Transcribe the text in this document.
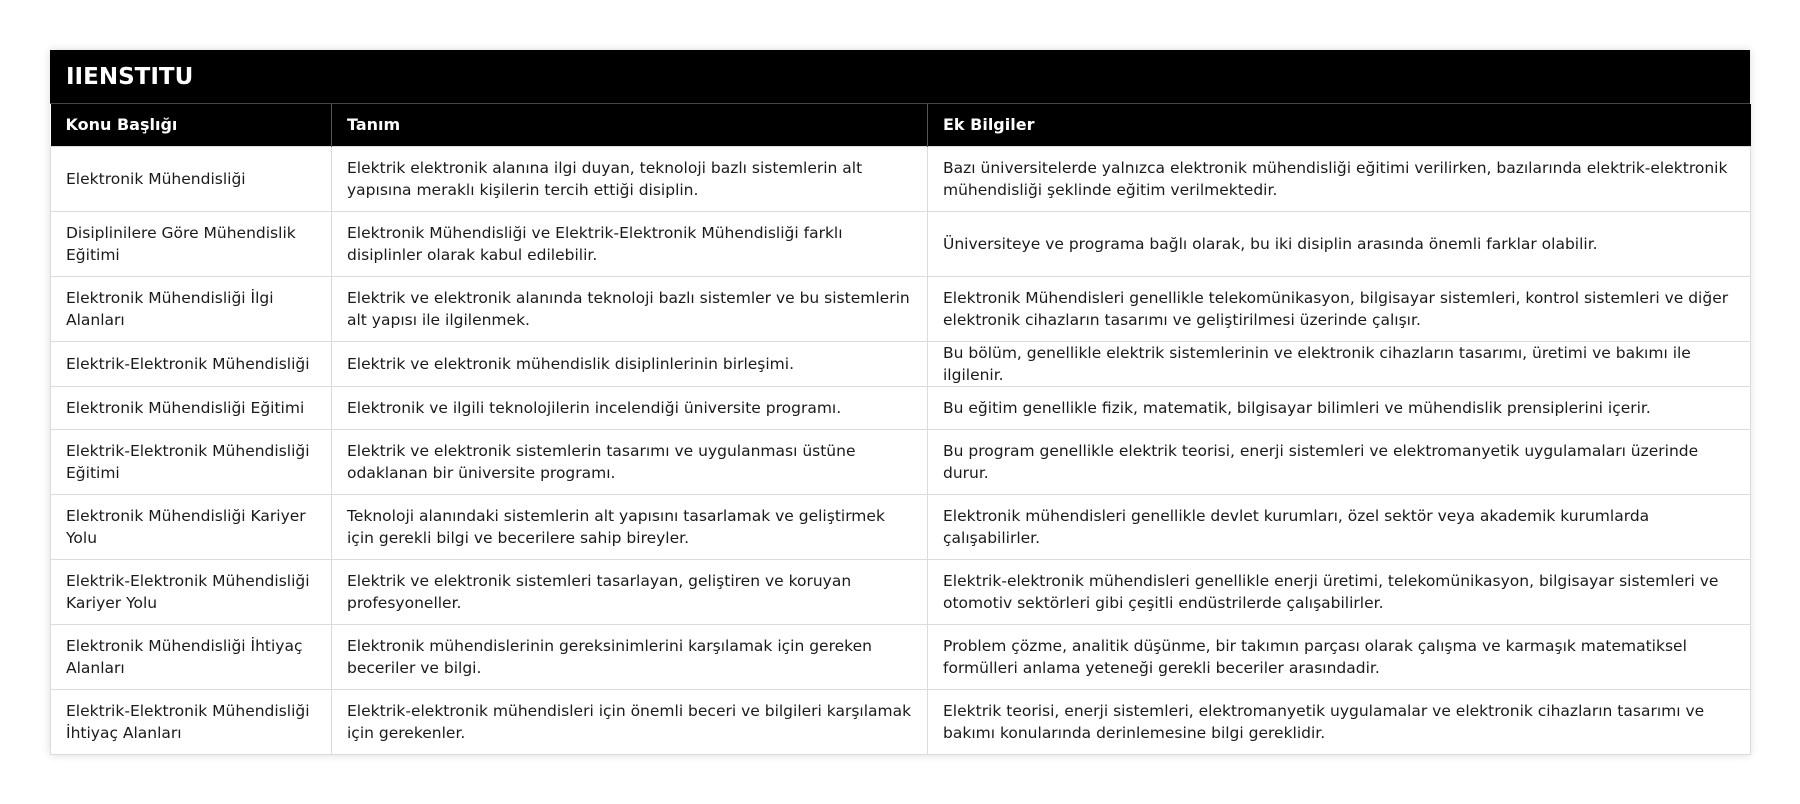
IIENSTITU
Konu Başlığı	Tanım	Ek Bilgiler
Elektronik Mühendisliği	Elektrik elektronik alanına ilgi duyan, teknoloji bazlı sistemlerin alt yapısına meraklı kişilerin tercih ettiği disiplin.	Bazı üniversitelerde yalnızca elektronik mühendisliği eğitimi verilirken, bazılarında elektrik-elektronik mühendisliği şeklinde eğitim verilmektedir.
Disiplinilere Göre Mühendislik Eğitimi	Elektronik Mühendisliği ve Elektrik-Elektronik Mühendisliği farklı disiplinler olarak kabul edilebilir.	Üniversiteye ve programa bağlı olarak, bu iki disiplin arasında önemli farklar olabilir.
Elektronik Mühendisliği İlgi Alanları	Elektrik ve elektronik alanında teknoloji bazlı sistemler ve bu sistemlerin alt yapısı ile ilgilenmek.	Elektronik Mühendisleri genellikle telekomünikasyon, bilgisayar sistemleri, kontrol sistemleri ve diğer elektronik cihazların tasarımı ve geliştirilmesi üzerinde çalışır.
Elektrik-Elektronik Mühendisliği	Elektrik ve elektronik mühendislik disiplinlerinin birleşimi.	Bu bölüm, genellikle elektrik sistemlerinin ve elektronik cihazların tasarımı, üretimi ve bakımı ile ilgilenir.
Elektronik Mühendisliği Eğitimi	Elektronik ve ilgili teknolojilerin incelendiği üniversite programı.	Bu eğitim genellikle fizik, matematik, bilgisayar bilimleri ve mühendislik prensiplerini içerir.
Elektrik-Elektronik Mühendisliği Eğitimi	Elektrik ve elektronik sistemlerin tasarımı ve uygulanması üstüne odaklanan bir üniversite programı.	Bu program genellikle elektrik teorisi, enerji sistemleri ve elektromanyetik uygulamaları üzerinde durur.
Elektronik Mühendisliği Kariyer Yolu	Teknoloji alanındaki sistemlerin alt yapısını tasarlamak ve geliştirmek için gerekli bilgi ve becerilere sahip bireyler.	Elektronik mühendisleri genellikle devlet kurumları, özel sektör veya akademik kurumlarda çalışabilirler.
Elektrik-Elektronik Mühendisliği Kariyer Yolu	Elektrik ve elektronik sistemleri tasarlayan, geliştiren ve koruyan profesyoneller.	Elektrik-elektronik mühendisleri genellikle enerji üretimi, telekomünikasyon, bilgisayar sistemleri ve otomotiv sektörleri gibi çeşitli endüstrilerde çalışabilirler.
Elektronik Mühendisliği İhtiyaç Alanları	Elektronik mühendislerinin gereksinimlerini karşılamak için gereken beceriler ve bilgi.	Problem çözme, analitik düşünme, bir takımın parçası olarak çalışma ve karmaşık matematiksel formülleri anlama yeteneği gerekli beceriler arasındadir.
Elektrik-Elektronik Mühendisliği İhtiyaç Alanları	Elektrik-elektronik mühendisleri için önemli beceri ve bilgileri karşılamak için gerekenler.	Elektrik teorisi, enerji sistemleri, elektromanyetik uygulamalar ve elektronik cihazların tasarımı ve bakımı konularında derinlemesine bilgi gereklidir.
